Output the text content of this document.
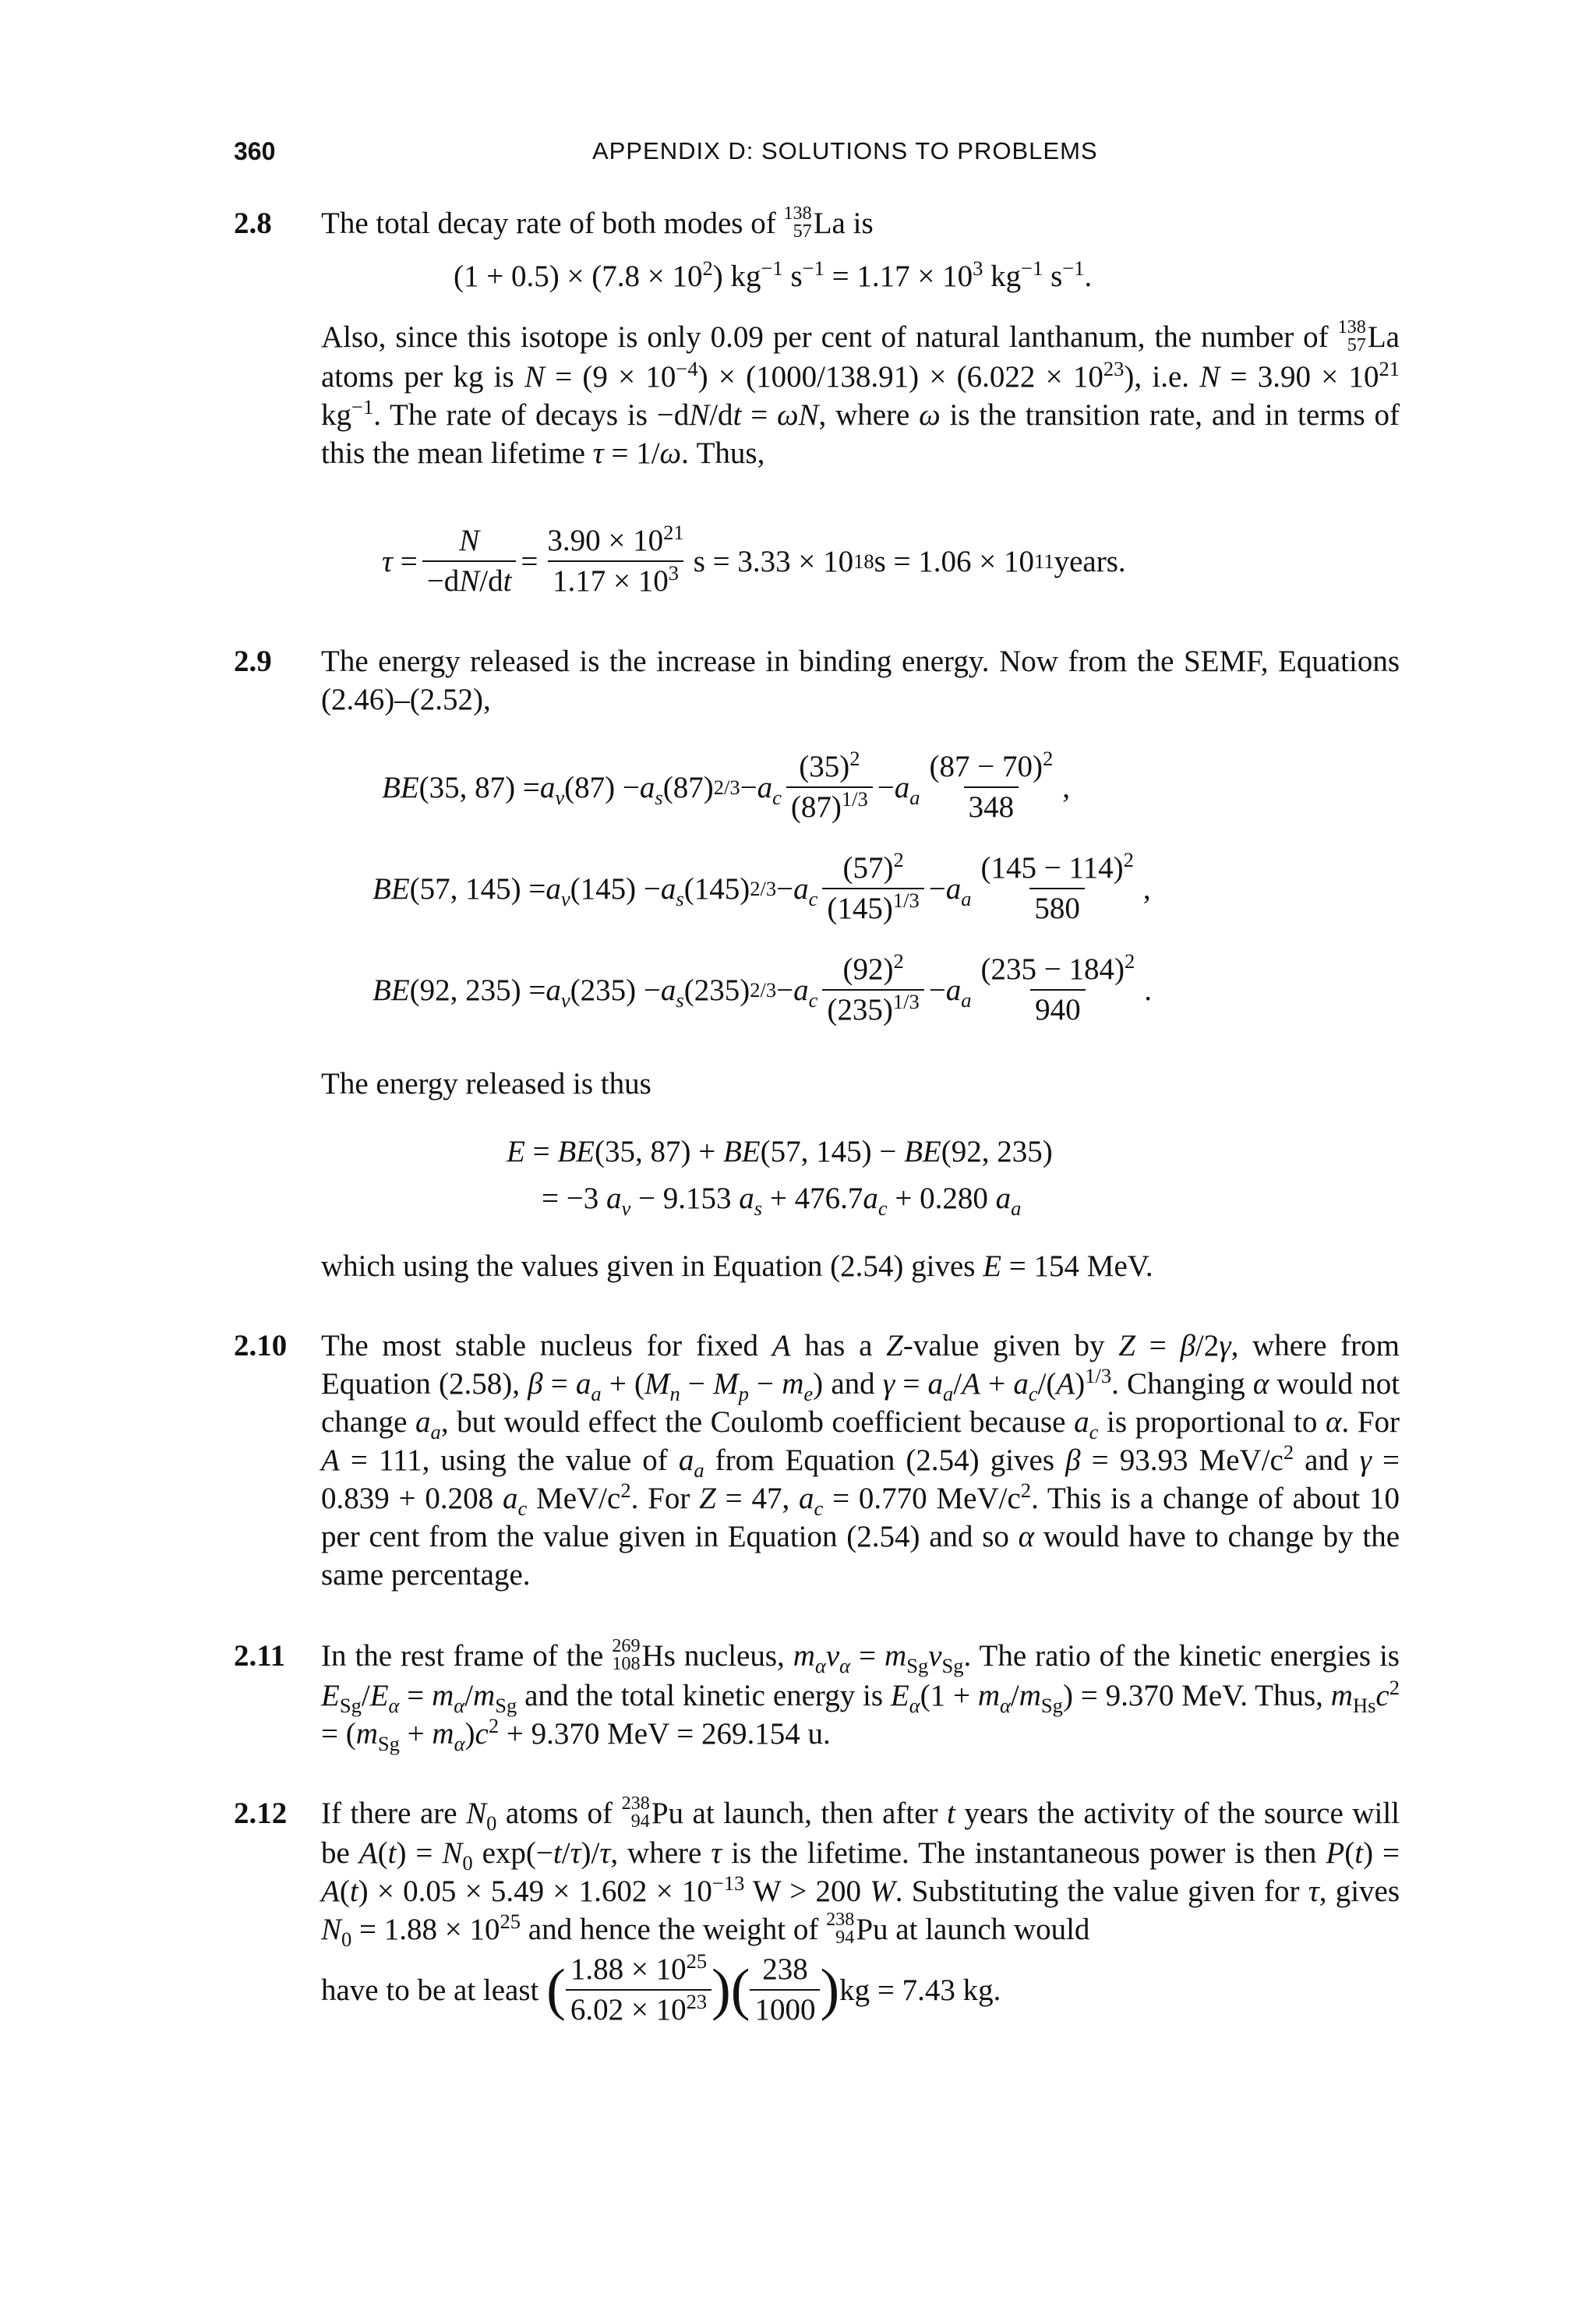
360	APPENDIX D: SOLUTIONS TO PROBLEMS
2.8 The total decay rate of both modes of 138
57 La is

$(1 + 0.5) \times (7.8 \times 10^2)$ $kg^{-1}$ $s^{-1} = 1.17 \times 10^3$ $kg^{-1}$ $s^{-1}$.

Also, since this isotope is only 0.09 per cent of natural lanthanum, the number of 138
57 La atoms per kg is $N = (9 \times 10^{-4}) \times (1000/138.91) \times (6.022 \times 10^{23})$, i.e. $N = 3.90 \times 10^{21}$ $kg^{-1}$. The rate of decays is −dN/dt = ωN, where ω is the transition rate, and in terms of this the mean lifetime τ = 1/ω. Thus,

τ =
N
−dN/dt
=
$3.90 \times 10^{21}$
$1.17 \times 10^3$ s = 3.33 × 10 18 s = 1.06 × 10 11 years.
2.9 The energy released is the increase in binding energy. Now from the SEMF, Equations (2.46)–(2.52),

BE (35, $87) = a_v$ $(87) - a_s$ (87) $2/3 - a_c$
$(35)^2$
$(87)^{1/3} - a_a$
$(87 - 70)^2$
348
,
BE (57, $145) = a_v$ $(145) - a_s$ (145) $2/3 - a_c$
$(57)^2$
$(145)^{1/3} - a_a$
$(145 - 114)^2$
580
,
BE (92, $235) = a_v$ $(235) - a_s$ (235) $2/3 - a_c$
$(92)^2$
$(235)^{1/3} - a_a$
$(235 - 184)^2$
940
.

The energy released is thus

E = BE(35, 87) + BE(57, 145) − BE(92, 235)
= −3 $a_v - 9.153$ $a_s + 476.7a_c + 0.280$ $a_a$

which using the values given in Equation (2.54) gives E = 154 MeV.

2.10 The most stable nucleus for fixed A has a Z-value given by Z = β/2γ, where from Equation (2.58), $\beta = a_a + (M_n - M_p - m_e)$ and $\gamma = a_a/A + a_c/(A)^{1/3}$. Changing α would not change $a_a$, but would effect the Coulomb coefficient because $a_c$ is proportional to α. For A = 111, using the value of $a_a$ from Equation (2.54) gives β = 93.93 MeV/$c^2$ and γ = 0.839 + 0.208 $a_c$ MeV/$c^2$. For Z = 47, $a_c = 0.770$ MeV/$c^2$. This is a change of about 10 per cent from the value given in Equation (2.54) and so α would have to change by the same percentage.

2.11 In the rest frame of the 269
108 Hs nucleus, $m_\alpha v_\alpha = m_{Sg}v_{Sg}$. The ratio of the kinetic energies is $E_{Sg}/E_\alpha = m_\alpha/m_{Sg}$ and the total kinetic energy is $E_\alpha(1 + m_\alpha/m_{Sg}) = 9.370$ MeV. Thus, $m_{Hs}c^2 = (m_{Sg} + m_\alpha)c^2 + 9.370$ MeV = 269.154 u.

2.12 If there are $N_0$ atoms of 238
94 Pu at launch, then after t years the activity of the source will be $A(t) = N_0$ exp(−t/τ)/τ, where τ is the lifetime. The instantaneous power is then $P(t) = A(t) \times 0.05 \times 5.49 \times 1.602 \times 10^{-13}$ W > 200 W. Substituting the value given for τ, gives $N_0 = 1.88 \times 10^{25}$ and hence the weight of 238
94 Pu at launch would

have to be at least ( $1.88 \times 10^{25}$
$6.02 \times 10^{23}$ ) ( 238
1000 ) kg = 7.43 kg.
